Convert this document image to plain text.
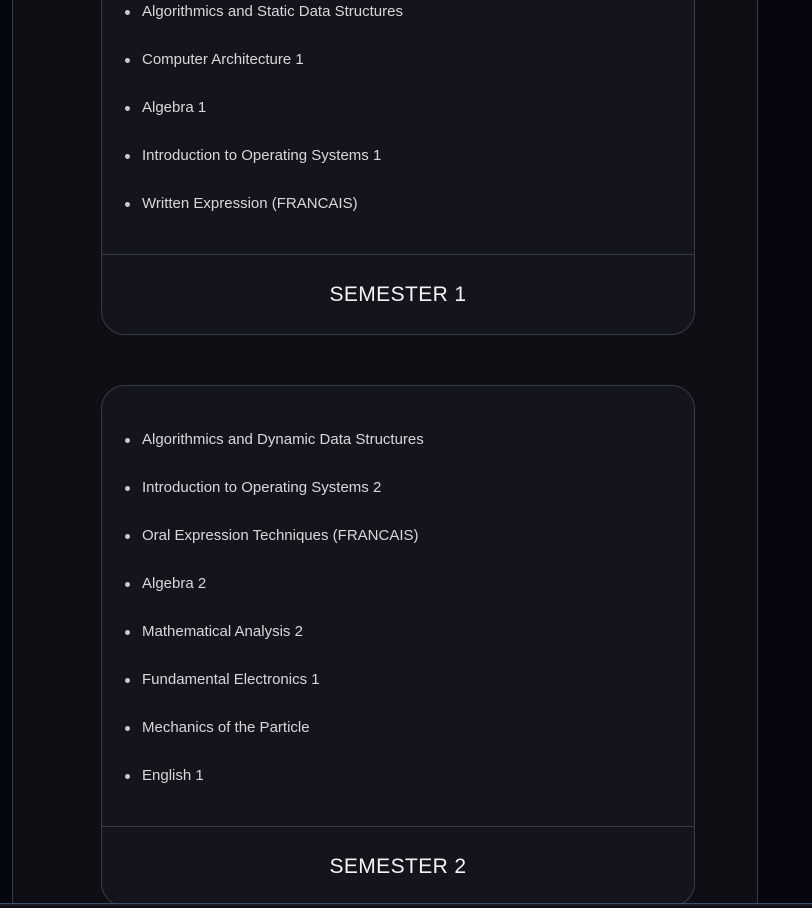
Algorithmics and Static Data Structures
Computer Architecture 1
Algebra 1
Introduction to Operating Systems 1
Written Expression (FRANCAIS)
SEMESTER 1
Algorithmics and Dynamic Data Structures
Introduction to Operating Systems 2
Oral Expression Techniques (FRANCAIS)
Algebra 2
Mathematical Analysis 2
Fundamental Electronics 1
Mechanics of the Particle
English 1
SEMESTER 2
